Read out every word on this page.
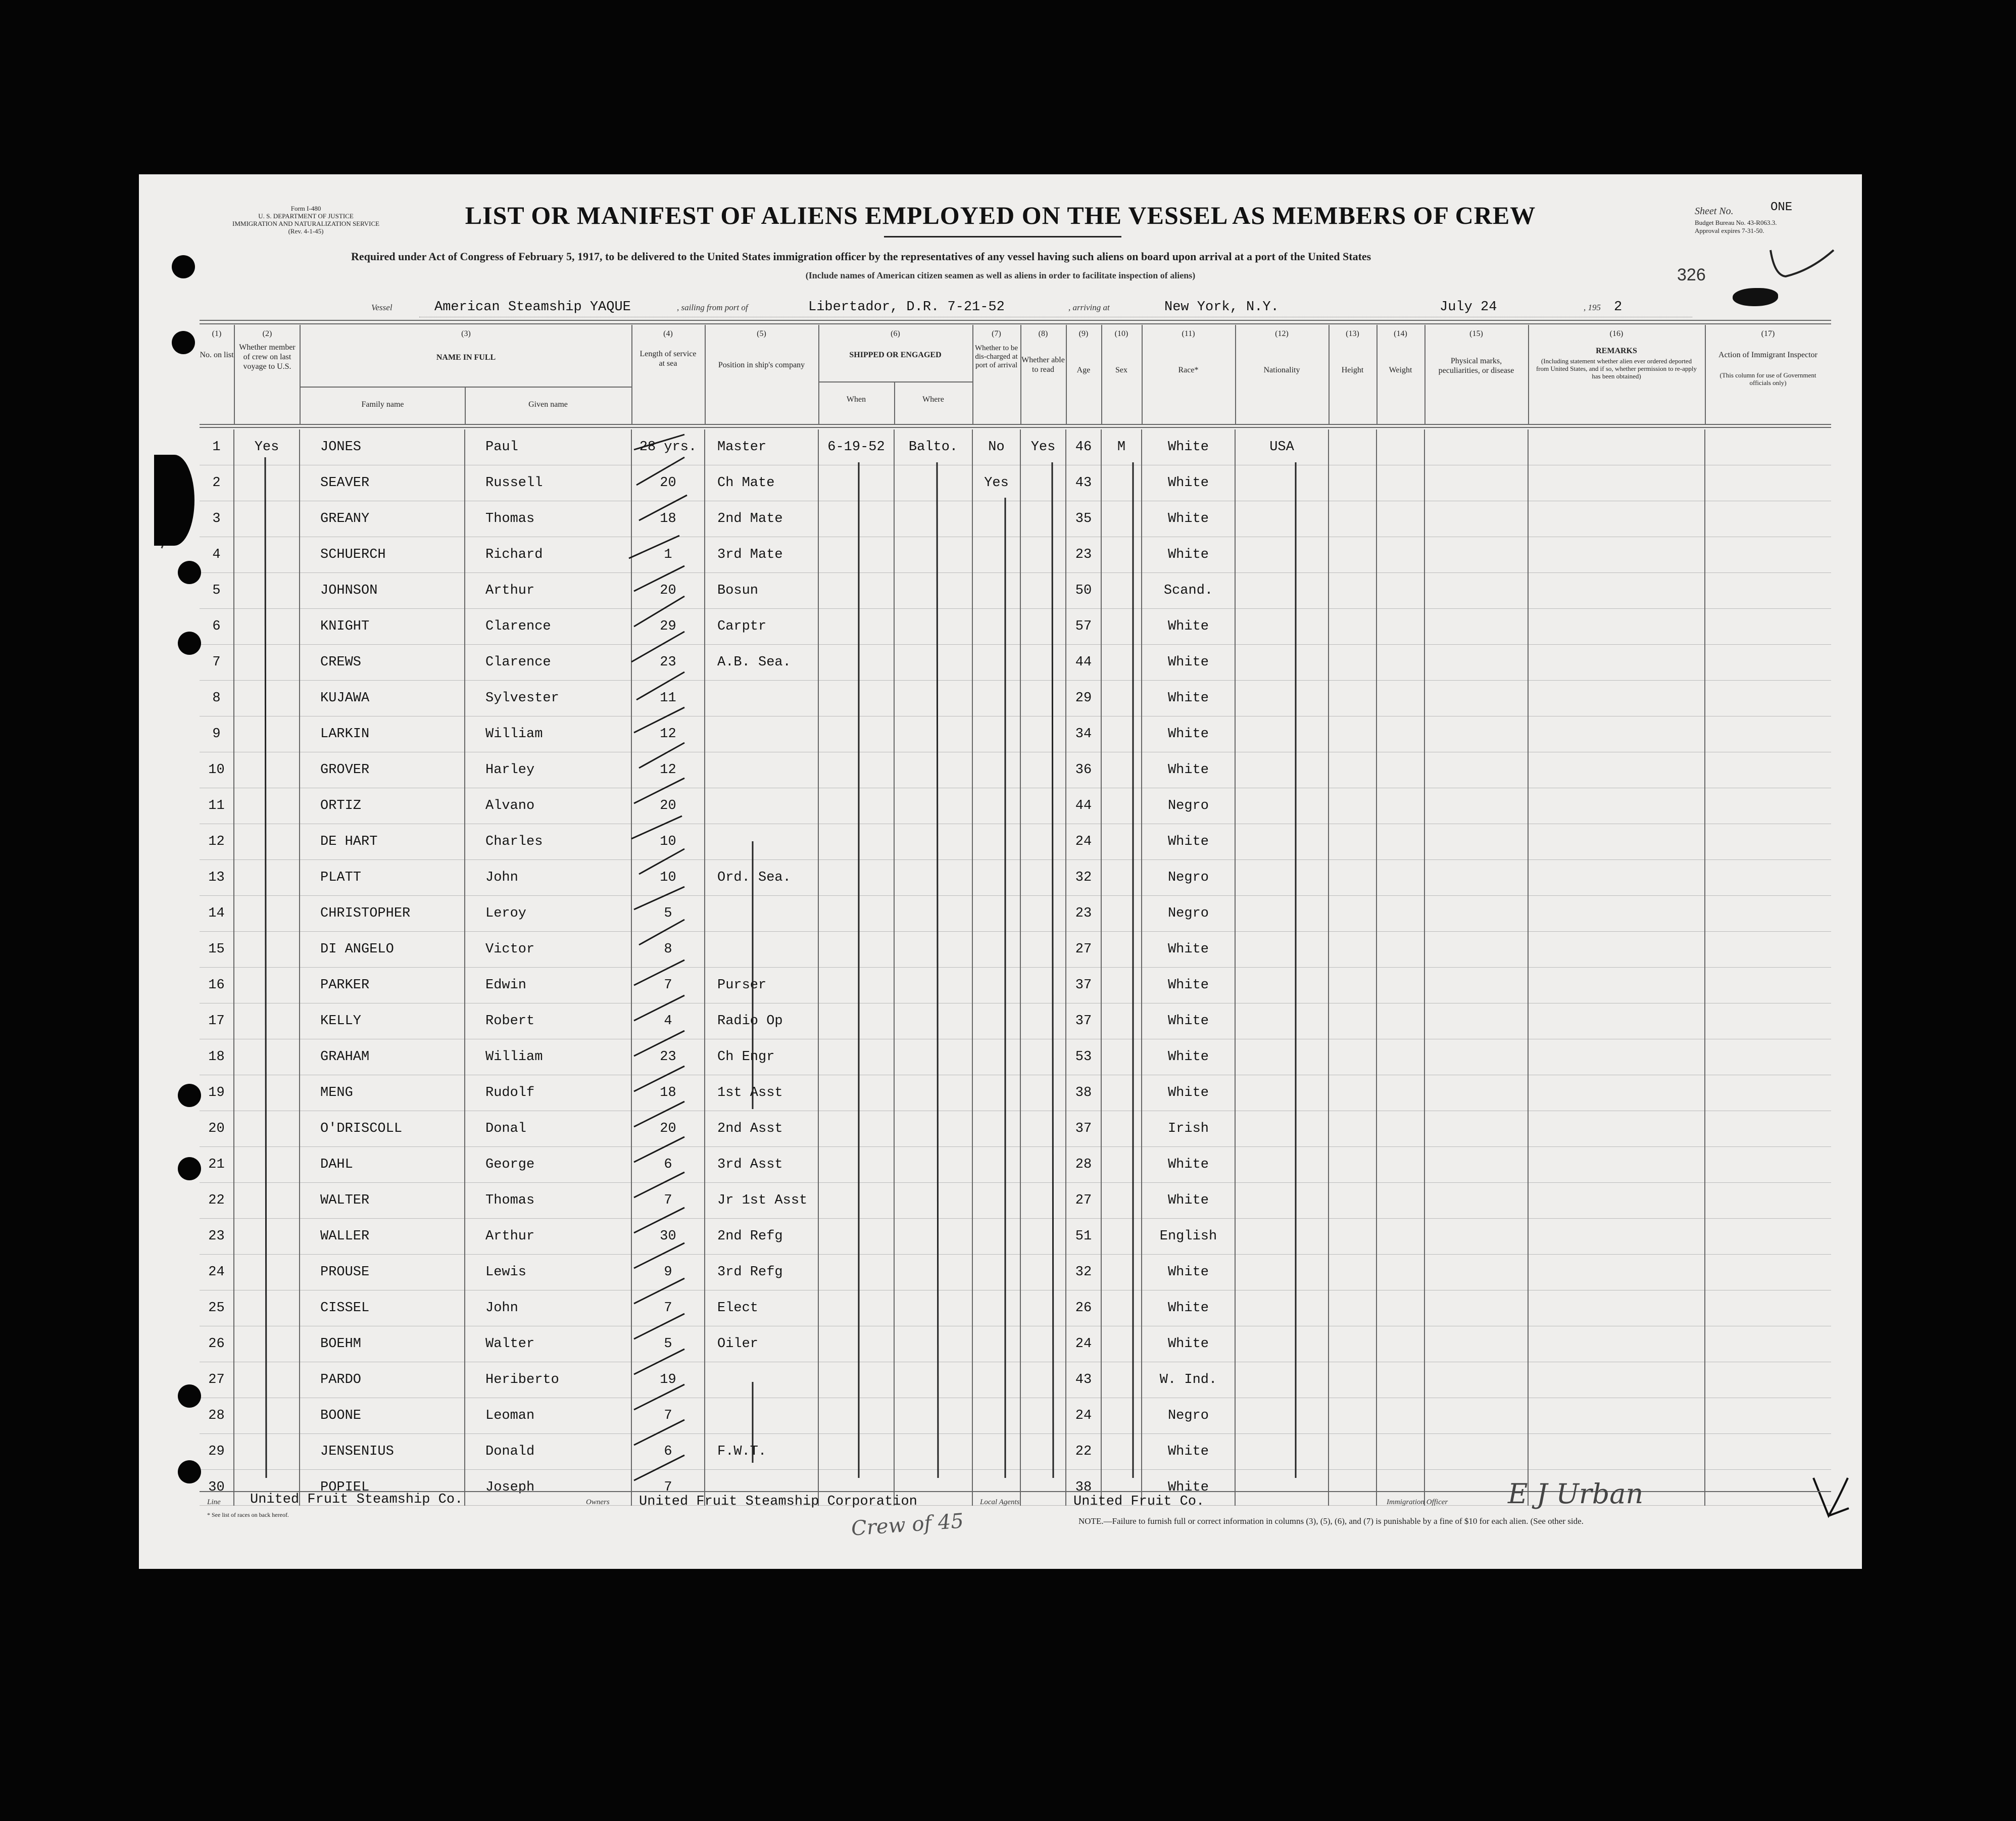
Form I-480
U. S. DEPARTMENT OF JUSTICE
IMMIGRATION AND NATURALIZATION SERVICE
(Rev. 4-1-45)
LIST OR MANIFEST OF ALIENS EMPLOYED ON THE VESSEL AS MEMBERS OF CREW	Sheet No.	ONE
Budget Bureau No. 43-R063.3.
Approval expires 7-31-50.
Required under Act of Congress of February 5, 1917, to be delivered to the United States immigration officer by the representatives of any vessel having such aliens on board upon arrival at a port of the United States
(Include names of American citizen seamen as well as aliens in order to facilitate inspection of aliens)	326
Vessel	American Steamship YAQUE	, sailing from port of	Libertador, D.R. 7-21-52	, arriving at	New York, N.Y.	July 24	, 195 2
(1)	(2)	(3)	(4)	(5)	(6)	(7)	(8)	(9)	(10)	(11)	(12)	(13)	(14)	(15)	(16)	(17)
No. on list
Whether member of crew on last voyage to U.S.
NAME IN FULL
Family name	Given name
Length of service at sea	Position in ship's company
SHIPPED OR ENGAGED
When	Where
Whether to be dis-charged at port of arrival
Whether able to read	Age	Sex	Race*	Nationality	Height	Weight
Physical marks, peculiarities, or disease
REMARKS
(Including statement whether alien ever ordered deported from United States, and if so, whether permission to re-apply has been obtained)
Action of Immigrant Inspector
(This column for use of Government officials only)
1	Yes	JONES	Paul	28 yrs.	Master	6-19-52	Balto.	No	Yes	46	M	White	USA					
2		SEAVER	Russell	20	Ch Mate			Yes		43		White						
3		GREANY	Thomas	18	2nd Mate					35		White						
4		SCHUERCH	Richard	1	3rd Mate					23		White						
5		JOHNSON	Arthur	20	Bosun					50		Scand.						
6		KNIGHT	Clarence	29	Carptr					57		White						
7		CREWS	Clarence	23	A.B. Sea.					44		White						
8		KUJAWA	Sylvester	11						29		White						
9		LARKIN	William	12						34		White						
10		GROVER	Harley	12						36		White						
11		ORTIZ	Alvano	20						44		Negro						
12		DE HART	Charles	10						24		White						
13		PLATT	John	10	Ord. Sea.					32		Negro						
14		CHRISTOPHER	Leroy	5						23		Negro						
15		DI ANGELO	Victor	8						27		White						
16		PARKER	Edwin	7	Purser					37		White						
17		KELLY	Robert	4	Radio Op					37		White						
18		GRAHAM	William	23	Ch Engr					53		White						
19		MENG	Rudolf	18	1st Asst					38		White						
20		O'DRISCOLL	Donal	20	2nd Asst					37		Irish						
21		DAHL	George	6	3rd Asst					28		White						
22		WALTER	Thomas	7	Jr 1st Asst					27		White						
23		WALLER	Arthur	30	2nd Refg					51		English						
24		PROUSE	Lewis	9	3rd Refg					32		White						
25		CISSEL	John	7	Elect					26		White						
26		BOEHM	Walter	5	Oiler					24		White						
27		PARDO	Heriberto	19						43		W. Ind.						
28		BOONE	Leoman	7						24		Negro						
29		JENSENIUS	Donald	6	F.W.T.					22		White						
30		POPIEL	Joseph	7						38		White						
Line United Fruit Steamship Co.	Owners United Fruit Steamship Corporation	Local Agents	United Fruit Co.	Immigration Officer E J Urban
* See list of races on back hereof.	Crew of 45	NOTE.—Failure to furnish full or correct information in columns (3), (5), (6), and (7) is punishable by a fine of $10 for each alien. (See other side.
